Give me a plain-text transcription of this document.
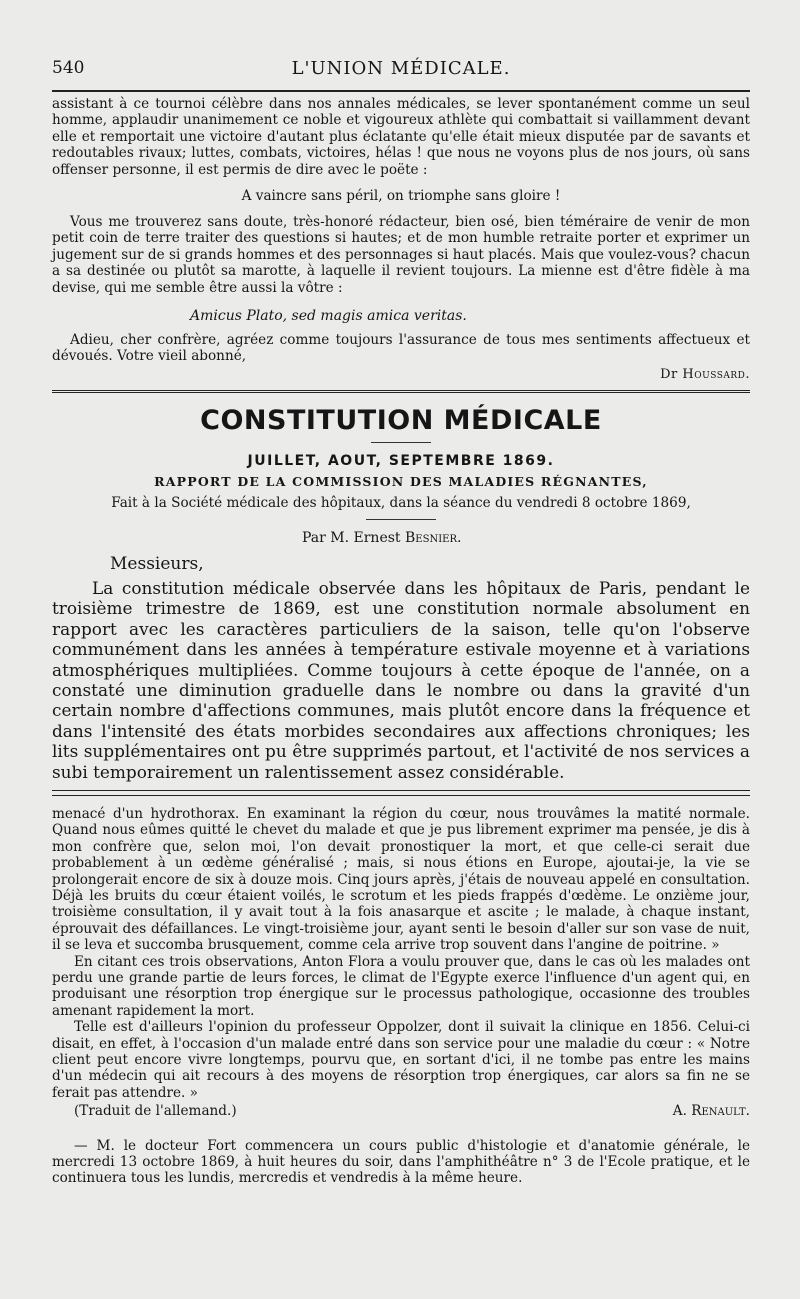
540	L'UNION MÉDICALE.

assistant à ce tournoi célèbre dans nos annales médicales, se lever spontanément comme un seul homme, applaudir unanimement ce noble et vigoureux athlète qui combattait si vaillamment devant elle et remportait une victoire d'autant plus éclatante qu'elle était mieux disputée par de savants et redoutables rivaux; luttes, combats, victoires, hélas ! que nous ne voyons plus de nos jours, où sans offenser personne, il est permis de dire avec le poëte :

A vaincre sans péril, on triomphe sans gloire !

Vous me trouverez sans doute, très-honoré rédacteur, bien osé, bien téméraire de venir de mon petit coin de terre traiter des questions si hautes; et de mon humble retraite porter et exprimer un jugement sur de si grands hommes et des personnages si haut placés. Mais que voulez-vous? chacun a sa destinée ou plutôt sa marotte, à laquelle il revient toujours. La mienne est d'être fidèle à ma devise, qui me semble être aussi la vôtre :

Amicus Plato, sed magis amica veritas.

Adieu, cher confrère, agréez comme toujours l'assurance de tous mes sentiments affectueux et dévoués. Votre vieil abonné,

Dr Houssard.
CONSTITUTION MÉDICALE
JUILLET, AOUT, SEPTEMBRE 1869.
RAPPORT DE LA COMMISSION DES MALADIES RÉGNANTES,
Fait à la Société médicale des hôpitaux, dans la séance du vendredi 8 octobre 1869,
Par M. Ernest Besnier.
Messieurs,

La constitution médicale observée dans les hôpitaux de Paris, pendant le troisième trimestre de 1869, est une constitution normale absolument en rapport avec les caractères particuliers de la saison, telle qu'on l'observe communément dans les années à température estivale moyenne et à variations atmosphériques multipliées. Comme toujours à cette époque de l'année, on a constaté une diminution graduelle dans le nombre ou dans la gravité d'un certain nombre d'affections communes, mais plutôt encore dans la fréquence et dans l'intensité des états morbides secondaires aux affections chroniques; les lits supplémentaires ont pu être supprimés partout, et l'activité de nos services a subi temporairement un ralentissement assez considérable.

menacé d'un hydrothorax. En examinant la région du cœur, nous trouvâmes la matité normale. Quand nous eûmes quitté le chevet du malade et que je pus librement exprimer ma pensée, je dis à mon confrère que, selon moi, l'on devait pronostiquer la mort, et que celle-ci serait due probablement à un œdème généralisé ; mais, si nous étions en Europe, ajoutai-je, la vie se prolongerait encore de six à douze mois. Cinq jours après, j'étais de nouveau appelé en consultation. Déjà les bruits du cœur étaient voilés, le scrotum et les pieds frappés d'œdème. Le onzième jour, troisième consultation, il y avait tout à la fois anasarque et ascite ; le malade, à chaque instant, éprouvait des défaillances. Le vingt-troisième jour, ayant senti le besoin d'aller sur son vase de nuit, il se leva et succomba brusquement, comme cela arrive trop souvent dans l'angine de poitrine. »

En citant ces trois observations, Anton Flora a voulu prouver que, dans le cas où les malades ont perdu une grande partie de leurs forces, le climat de l'Egypte exerce l'influence d'un agent qui, en produisant une résorption trop énergique sur le processus pathologique, occasionne des troubles amenant rapidement la mort.

Telle est d'ailleurs l'opinion du professeur Oppolzer, dont il suivait la clinique en 1856. Celui-ci disait, en effet, à l'occasion d'un malade entré dans son service pour une maladie du cœur : « Notre client peut encore vivre longtemps, pourvu que, en sortant d'ici, il ne tombe pas entre les mains d'un médecin qui ait recours à des moyens de résorption trop énergiques, car alors sa fin ne se ferait pas attendre. »

(Traduit de l'allemand.)	A. Renault.

— M. le docteur Fort commencera un cours public d'histologie et d'anatomie générale, le mercredi 13 octobre 1869, à huit heures du soir, dans l'amphithéâtre n° 3 de l'Ecole pratique, et le continuera tous les lundis, mercredis et vendredis à la même heure.
